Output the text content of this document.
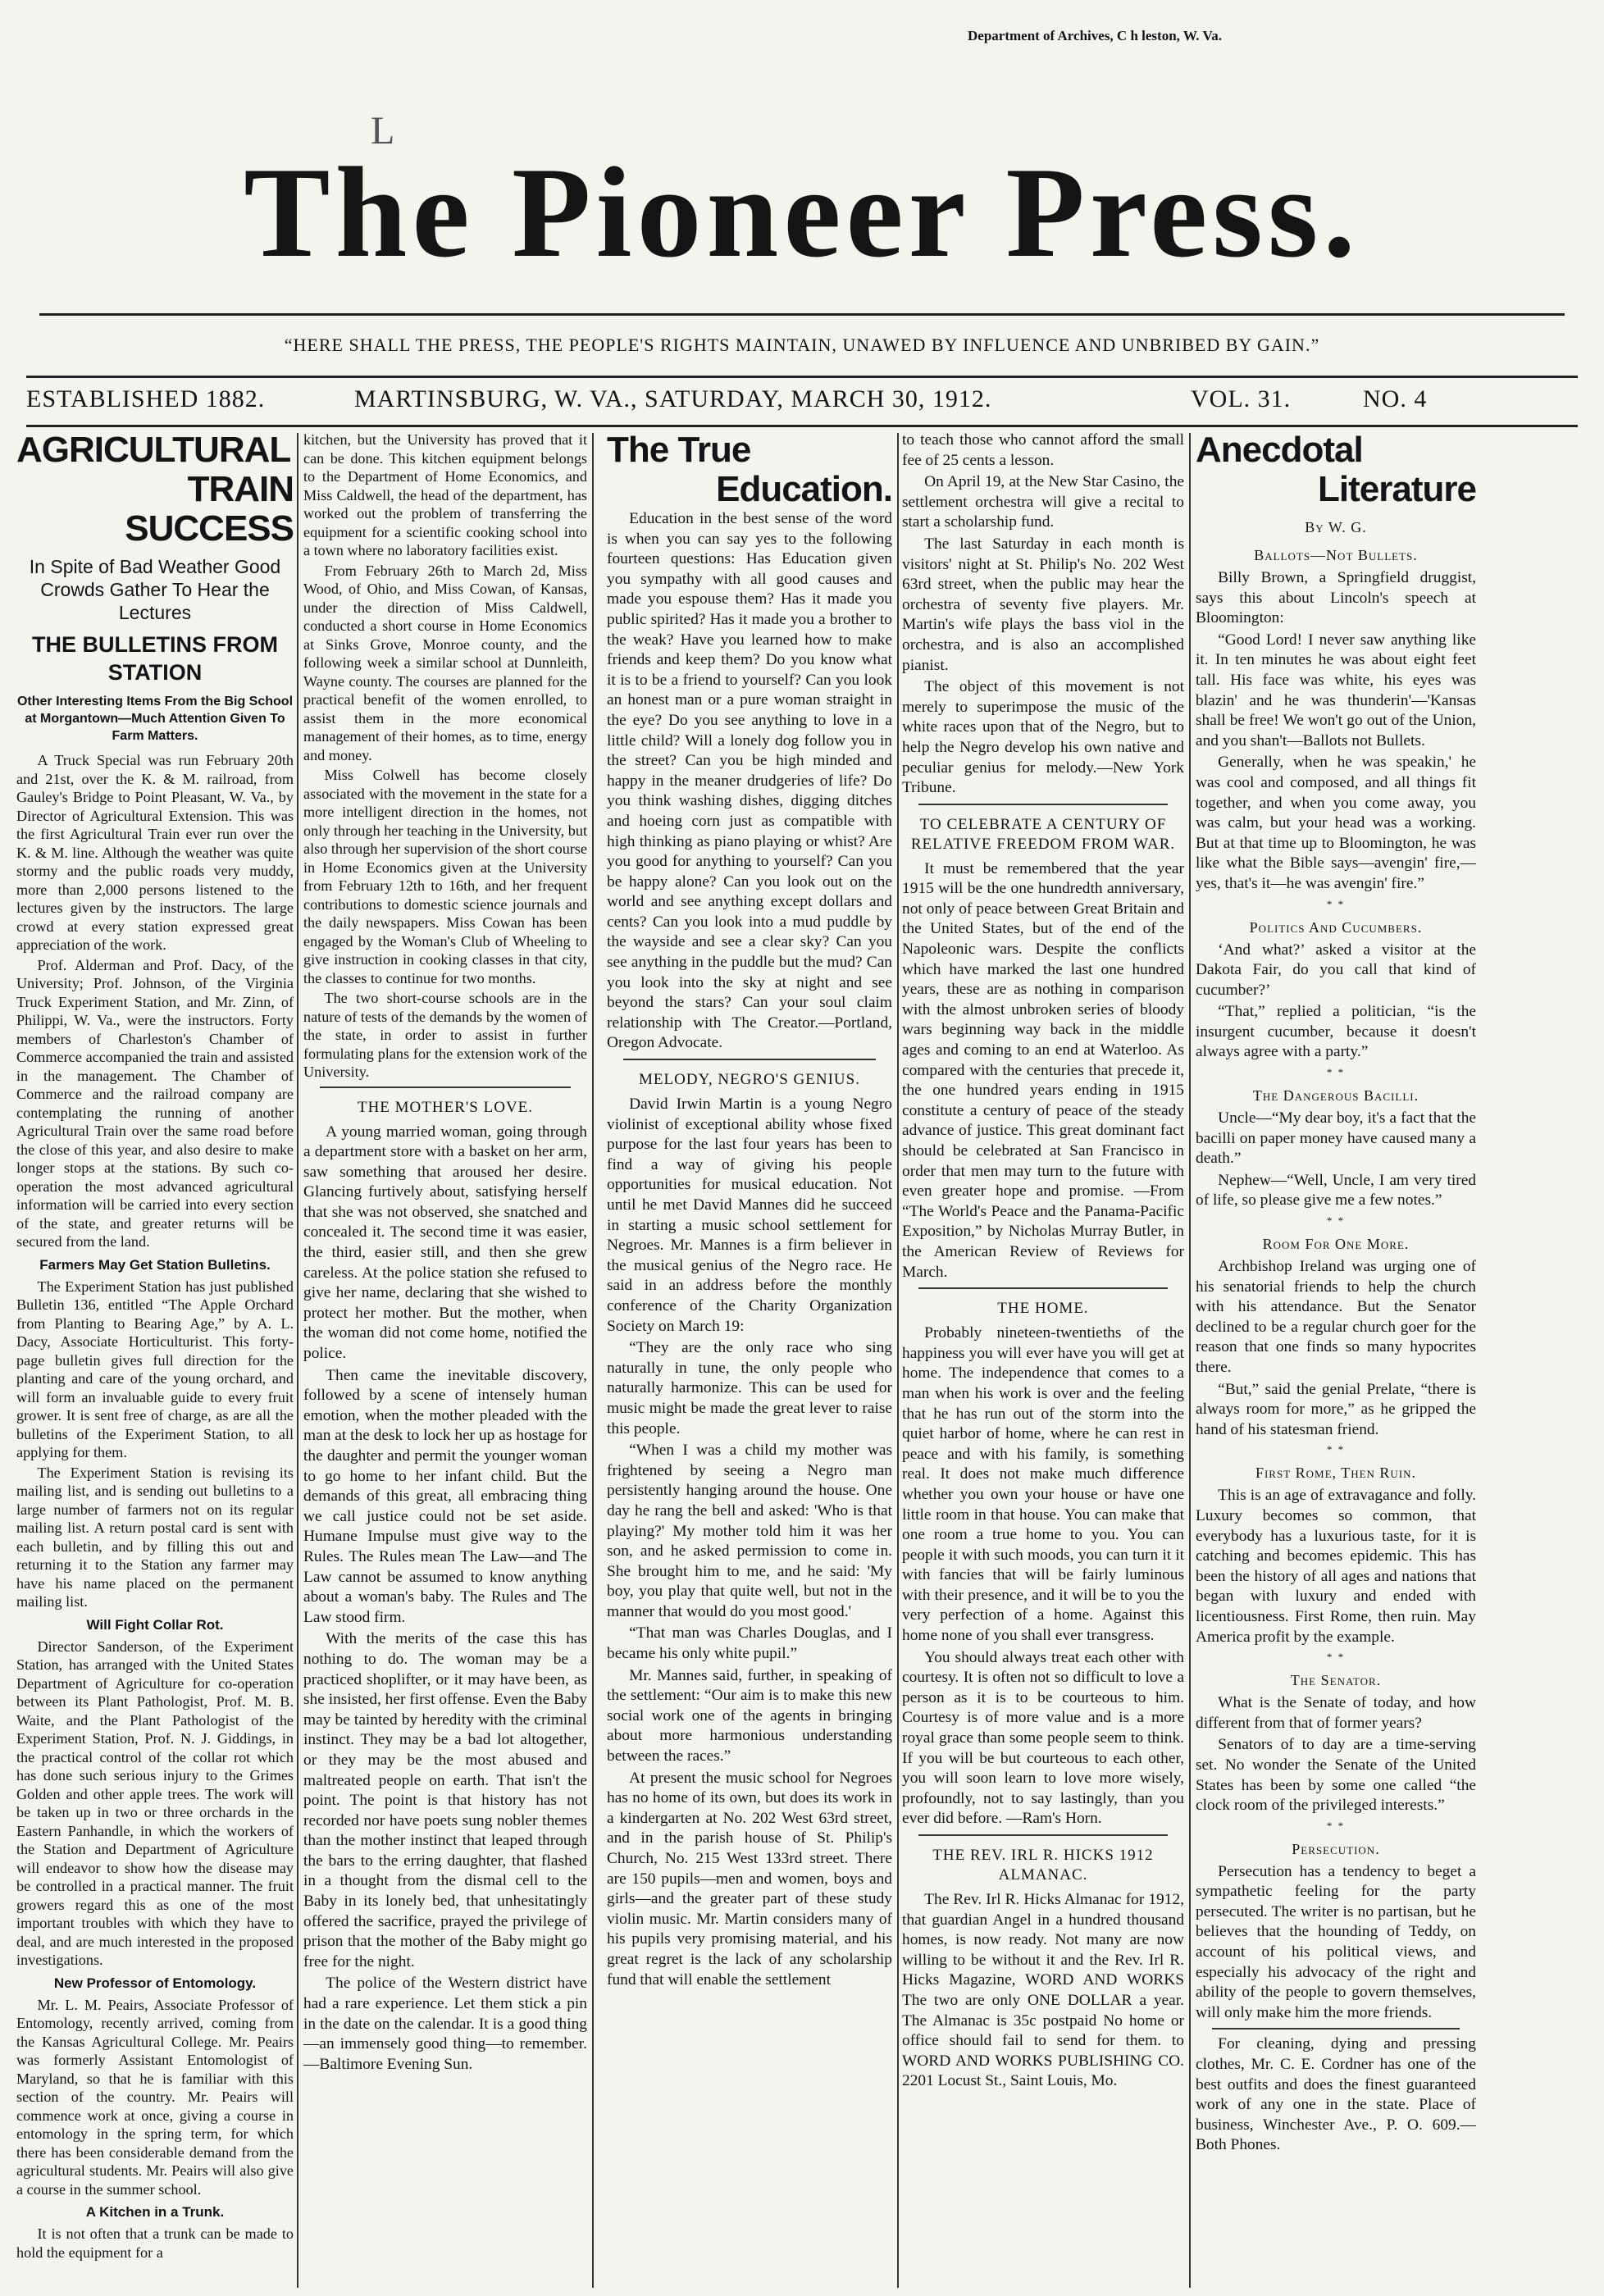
Department of Archives, C h leston, W. Va.
L
The Pioneer Press.
“HERE SHALL THE PRESS, THE PEOPLE'S RIGHTS MAINTAIN, UNAWED BY INFLUENCE AND UNBRIBED BY GAIN.”
ESTABLISHED 1882.	MARTINSBURG, W. VA., SATURDAY, MARCH 30, 1912.	VOL. 31.	NO. 4
AGRICULTURAL
TRAIN SUCCESS
In Spite of Bad Weather Good Crowds Gather To Hear the Lectures
THE BULLETINS FROM STATION
Other Interesting Items From the Big School at Morgantown—Much Attention Given To Farm Matters.

A Truck Special was run February 20th and 21st, over the K. & M. railroad, from Gauley's Bridge to Point Pleasant, W. Va., by Director of Agricultural Extension. This was the first Agricultural Train ever run over the K. & M. line. Although the weather was quite stormy and the public roads very muddy, more than 2,000 persons listened to the lectures given by the instructors. The large crowd at every station expressed great appreciation of the work.

Prof. Alderman and Prof. Dacy, of the University; Prof. Johnson, of the Virginia Truck Experiment Station, and Mr. Zinn, of Philippi, W. Va., were the instructors. Forty members of Charleston's Chamber of Commerce accompanied the train and assisted in the management. The Chamber of Commerce and the railroad company are contemplating the running of another Agricultural Train over the same road before the close of this year, and also desire to make longer stops at the stations. By such co-operation the most advanced agricultural information will be carried into every section of the state, and greater returns will be secured from the land.

Farmers May Get Station Bulletins.

The Experiment Station has just published Bulletin 136, entitled “The Apple Orchard from Planting to Bearing Age,” by A. L. Dacy, Associate Horticulturist. This forty-page bulletin gives full direction for the planting and care of the young orchard, and will form an invaluable guide to every fruit grower. It is sent free of charge, as are all the bulletins of the Experiment Station, to all applying for them.

The Experiment Station is revising its mailing list, and is sending out bulletins to a large number of farmers not on its regular mailing list. A return postal card is sent with each bulletin, and by filling this out and returning it to the Station any farmer may have his name placed on the permanent mailing list.

Will Fight Collar Rot.

Director Sanderson, of the Experiment Station, has arranged with the United States Department of Agriculture for co-operation between its Plant Pathologist, Prof. M. B. Waite, and the Plant Pathologist of the Experiment Station, Prof. N. J. Giddings, in the practical control of the collar rot which has done such serious injury to the Grimes Golden and other apple trees. The work will be taken up in two or three orchards in the Eastern Panhandle, in which the workers of the Station and Department of Agriculture will endeavor to show how the disease may be controlled in a practical manner. The fruit growers regard this as one of the most important troubles with which they have to deal, and are much interested in the proposed investigations.

New Professor of Entomology.

Mr. L. M. Peairs, Associate Professor of Entomology, recently arrived, coming from the Kansas Agricultural College. Mr. Peairs was formerly Assistant Entomologist of Maryland, so that he is familiar with this section of the country. Mr. Peairs will commence work at once, giving a course in entomology in the spring term, for which there has been considerable demand from the agricultural students. Mr. Peairs will also give a course in the summer school.

A Kitchen in a Trunk.

It is not often that a trunk can be made to hold the equipment for a

kitchen, but the University has proved that it can be done. This kitchen equipment belongs to the Department of Home Economics, and Miss Caldwell, the head of the department, has worked out the problem of transferring the equipment for a scientific cooking school into a town where no laboratory facilities exist.

From February 26th to March 2d, Miss Wood, of Ohio, and Miss Cowan, of Kansas, under the direction of Miss Caldwell, conducted a short course in Home Economics at Sinks Grove, Monroe county, and the following week a similar school at Dunnleith, Wayne county. The courses are planned for the practical benefit of the women enrolled, to assist them in the more economical management of their homes, as to time, energy and money.

Miss Colwell has become closely associated with the movement in the state for a more intelligent direction in the homes, not only through her teaching in the University, but also through her supervision of the short course in Home Economics given at the University from February 12th to 16th, and her frequent contributions to domestic science journals and the daily newspapers. Miss Cowan has been engaged by the Woman's Club of Wheeling to give instruction in cooking classes in that city, the classes to continue for two months.

The two short-course schools are in the nature of tests of the demands by the women of the state, in order to assist in further formulating plans for the extension work of the University.

THE MOTHER'S LOVE.

A young married woman, going through a department store with a basket on her arm, saw something that aroused her desire. Glancing furtively about, satisfying herself that she was not observed, she snatched and concealed it. The second time it was easier, the third, easier still, and then she grew careless. At the police station she refused to give her name, declaring that she wished to protect her mother. But the mother, when the woman did not come home, notified the police.

Then came the inevitable discovery, followed by a scene of intensely human emotion, when the mother pleaded with the man at the desk to lock her up as hostage for the daughter and permit the younger woman to go home to her infant child. But the demands of this great, all embracing thing we call justice could not be set aside. Humane Impulse must give way to the Rules. The Rules mean The Law—and The Law cannot be assumed to know anything about a woman's baby. The Rules and The Law stood firm.

With the merits of the case this has nothing to do. The woman may be a practiced shoplifter, or it may have been, as she insisted, her first offense. Even the Baby may be tainted by heredity with the criminal instinct. They may be a bad lot altogether, or they may be the most abused and maltreated people on earth. That isn't the point. The point is that history has not recorded nor have poets sung nobler themes than the mother instinct that leaped through the bars to the erring daughter, that flashed in a thought from the dismal cell to the Baby in its lonely bed, that unhesitatingly offered the sacrifice, prayed the privilege of prison that the mother of the Baby might go free for the night.

The police of the Western district have had a rare experience. Let them stick a pin in the date on the calendar. It is a good thing—an immensely good thing—to remember. —Baltimore Evening Sun.

The True
Education.

Education in the best sense of the word is when you can say yes to the following fourteen questions: Has Education given you sympathy with all good causes and made you espouse them? Has it made you public spirited? Has it made you a brother to the weak? Have you learned how to make friends and keep them? Do you know what it is to be a friend to yourself? Can you look an honest man or a pure woman straight in the eye? Do you see anything to love in a little child? Will a lonely dog follow you in the street? Can you be high minded and happy in the meaner drudgeries of life? Do you think washing dishes, digging ditches and hoeing corn just as compatible with high thinking as piano playing or whist? Are you good for anything to yourself? Can you be happy alone? Can you look out on the world and see anything except dollars and cents? Can you look into a mud puddle by the wayside and see a clear sky? Can you see anything in the puddle but the mud? Can you look into the sky at night and see beyond the stars? Can your soul claim relationship with The Creator.—Portland, Oregon Advocate.

MELODY, NEGRO'S GENIUS.

David Irwin Martin is a young Negro violinist of exceptional ability whose fixed purpose for the last four years has been to find a way of giving his people opportunities for musical education. Not until he met David Mannes did he succeed in starting a music school settlement for Negroes. Mr. Mannes is a firm believer in the musical genius of the Negro race. He said in an address before the monthly conference of the Charity Organization Society on March 19:

“They are the only race who sing naturally in tune, the only people who naturally harmonize. This can be used for music might be made the great lever to raise this people.

“When I was a child my mother was frightened by seeing a Negro man persistently hanging around the house. One day he rang the bell and asked: 'Who is that playing?' My mother told him it was her son, and he asked permission to come in. She brought him to me, and he said: 'My boy, you play that quite well, but not in the manner that would do you most good.'

“That man was Charles Douglas, and I became his only white pupil.”

Mr. Mannes said, further, in speaking of the settlement: “Our aim is to make this new social work one of the agents in bringing about more harmonious understanding between the races.”

At present the music school for Negroes has no home of its own, but does its work in a kindergarten at No. 202 West 63rd street, and in the parish house of St. Philip's Church, No. 215 West 133rd street. There are 150 pupils—men and women, boys and girls—and the greater part of these study violin music. Mr. Martin considers many of his pupils very promising material, and his great regret is the lack of any scholarship fund that will enable the settlement

to teach those who cannot afford the small fee of 25 cents a lesson.

On April 19, at the New Star Casino, the settlement orchestra will give a recital to start a scholarship fund.

The last Saturday in each month is visitors' night at St. Philip's No. 202 West 63rd street, when the public may hear the orchestra of seventy five players. Mr. Martin's wife plays the bass viol in the orchestra, and is also an accomplished pianist.

The object of this movement is not merely to superimpose the music of the white races upon that of the Negro, but to help the Negro develop his own native and peculiar genius for melody.—New York Tribune.

TO CELEBRATE A CENTURY OF RELATIVE FREEDOM FROM WAR.

It must be remembered that the year 1915 will be the one hundredth anniversary, not only of peace between Great Britain and the United States, but of the end of the Napoleonic wars. Despite the conflicts which have marked the last one hundred years, these are as nothing in comparison with the almost unbroken series of bloody wars beginning way back in the middle ages and coming to an end at Waterloo. As compared with the centuries that precede it, the one hundred years ending in 1915 constitute a century of peace of the steady advance of justice. This great dominant fact should be celebrated at San Francisco in order that men may turn to the future with even greater hope and promise. —From “The World's Peace and the Panama-Pacific Exposition,” by Nicholas Murray Butler, in the American Review of Reviews for March.

THE HOME.

Probably nineteen-twentieths of the happiness you will ever have you will get at home. The independence that comes to a man when his work is over and the feeling that he has run out of the storm into the quiet harbor of home, where he can rest in peace and with his family, is something real. It does not make much difference whether you own your house or have one little room in that house. You can make that one room a true home to you. You can people it with such moods, you can turn it it with fancies that will be fairly luminous with their presence, and it will be to you the very perfection of a home. Against this home none of you shall ever transgress.

You should always treat each other with courtesy. It is often not so difficult to love a person as it is to be courteous to him. Courtesy is of more value and is a more royal grace than some people seem to think. If you will be but courteous to each other, you will soon learn to love more wisely, profoundly, not to say lastingly, than you ever did before. —Ram's Horn.

THE REV. IRL R. HICKS 1912 ALMANAC.

The Rev. Irl R. Hicks Almanac for 1912, that guardian Angel in a hundred thousand homes, is now ready. Not many are now willing to be without it and the Rev. Irl R. Hicks Magazine, WORD AND WORKS The two are only ONE DOLLAR a year. The Almanac is 35c postpaid No home or office should fail to send for them. to WORD AND WORKS PUBLISHING CO. 2201 Locust St., Saint Louis, Mo.

Anecdotal
Literature
By W. G.
Ballots—Not Bullets.

Billy Brown, a Springfield druggist, says this about Lincoln's speech at Bloomington:

“Good Lord! I never saw anything like it. In ten minutes he was about eight feet tall. His face was white, his eyes was blazin' and he was thunderin'—'Kansas shall be free! We won't go out of the Union, and you shan't—Ballots not Bullets.

Generally, when he was speakin,' he was cool and composed, and all things fit together, and when you come away, you was calm, but your head was a working. But at that time up to Bloomington, he was like what the Bible says—avengin' fire,—yes, that's it—he was avengin' fire.”

* *
Politics And Cucumbers.

‘And what?’ asked a visitor at the Dakota Fair, do you call that kind of cucumber?’

“That,” replied a politician, “is the insurgent cucumber, because it doesn't always agree with a party.”

* *
The Dangerous Bacilli.

Uncle—“My dear boy, it's a fact that the bacilli on paper money have caused many a death.”

Nephew—“Well, Uncle, I am very tired of life, so please give me a few notes.”

* *
Room For One More.

Archbishop Ireland was urging one of his senatorial friends to help the church with his attendance. But the Senator declined to be a regular church goer for the reason that one finds so many hypocrites there.

“But,” said the genial Prelate, “there is always room for more,” as he gripped the hand of his statesman friend.

* *
First Rome, Then Ruin.

This is an age of extravagance and folly. Luxury becomes so common, that everybody has a luxurious taste, for it is catching and becomes epidemic. This has been the history of all ages and nations that began with luxury and ended with licentiousness. First Rome, then ruin. May America profit by the example.

* *
The Senator.

What is the Senate of today, and how different from that of former years?

Senators of to day are a time-serving set. No wonder the Senate of the United States has been by some one called “the clock room of the privileged interests.”

* *
Persecution.

Persecution has a tendency to beget a sympathetic feeling for the party persecuted. The writer is no partisan, but he believes that the hounding of Teddy, on account of his political views, and especially his advocacy of the right and ability of the people to govern themselves, will only make him the more friends.

For cleaning, dying and pressing clothes, Mr. C. E. Cordner has one of the best outfits and does the finest guaranteed work of any one in the state. Place of business, Winchester Ave., P. O. 609.—Both Phones.
